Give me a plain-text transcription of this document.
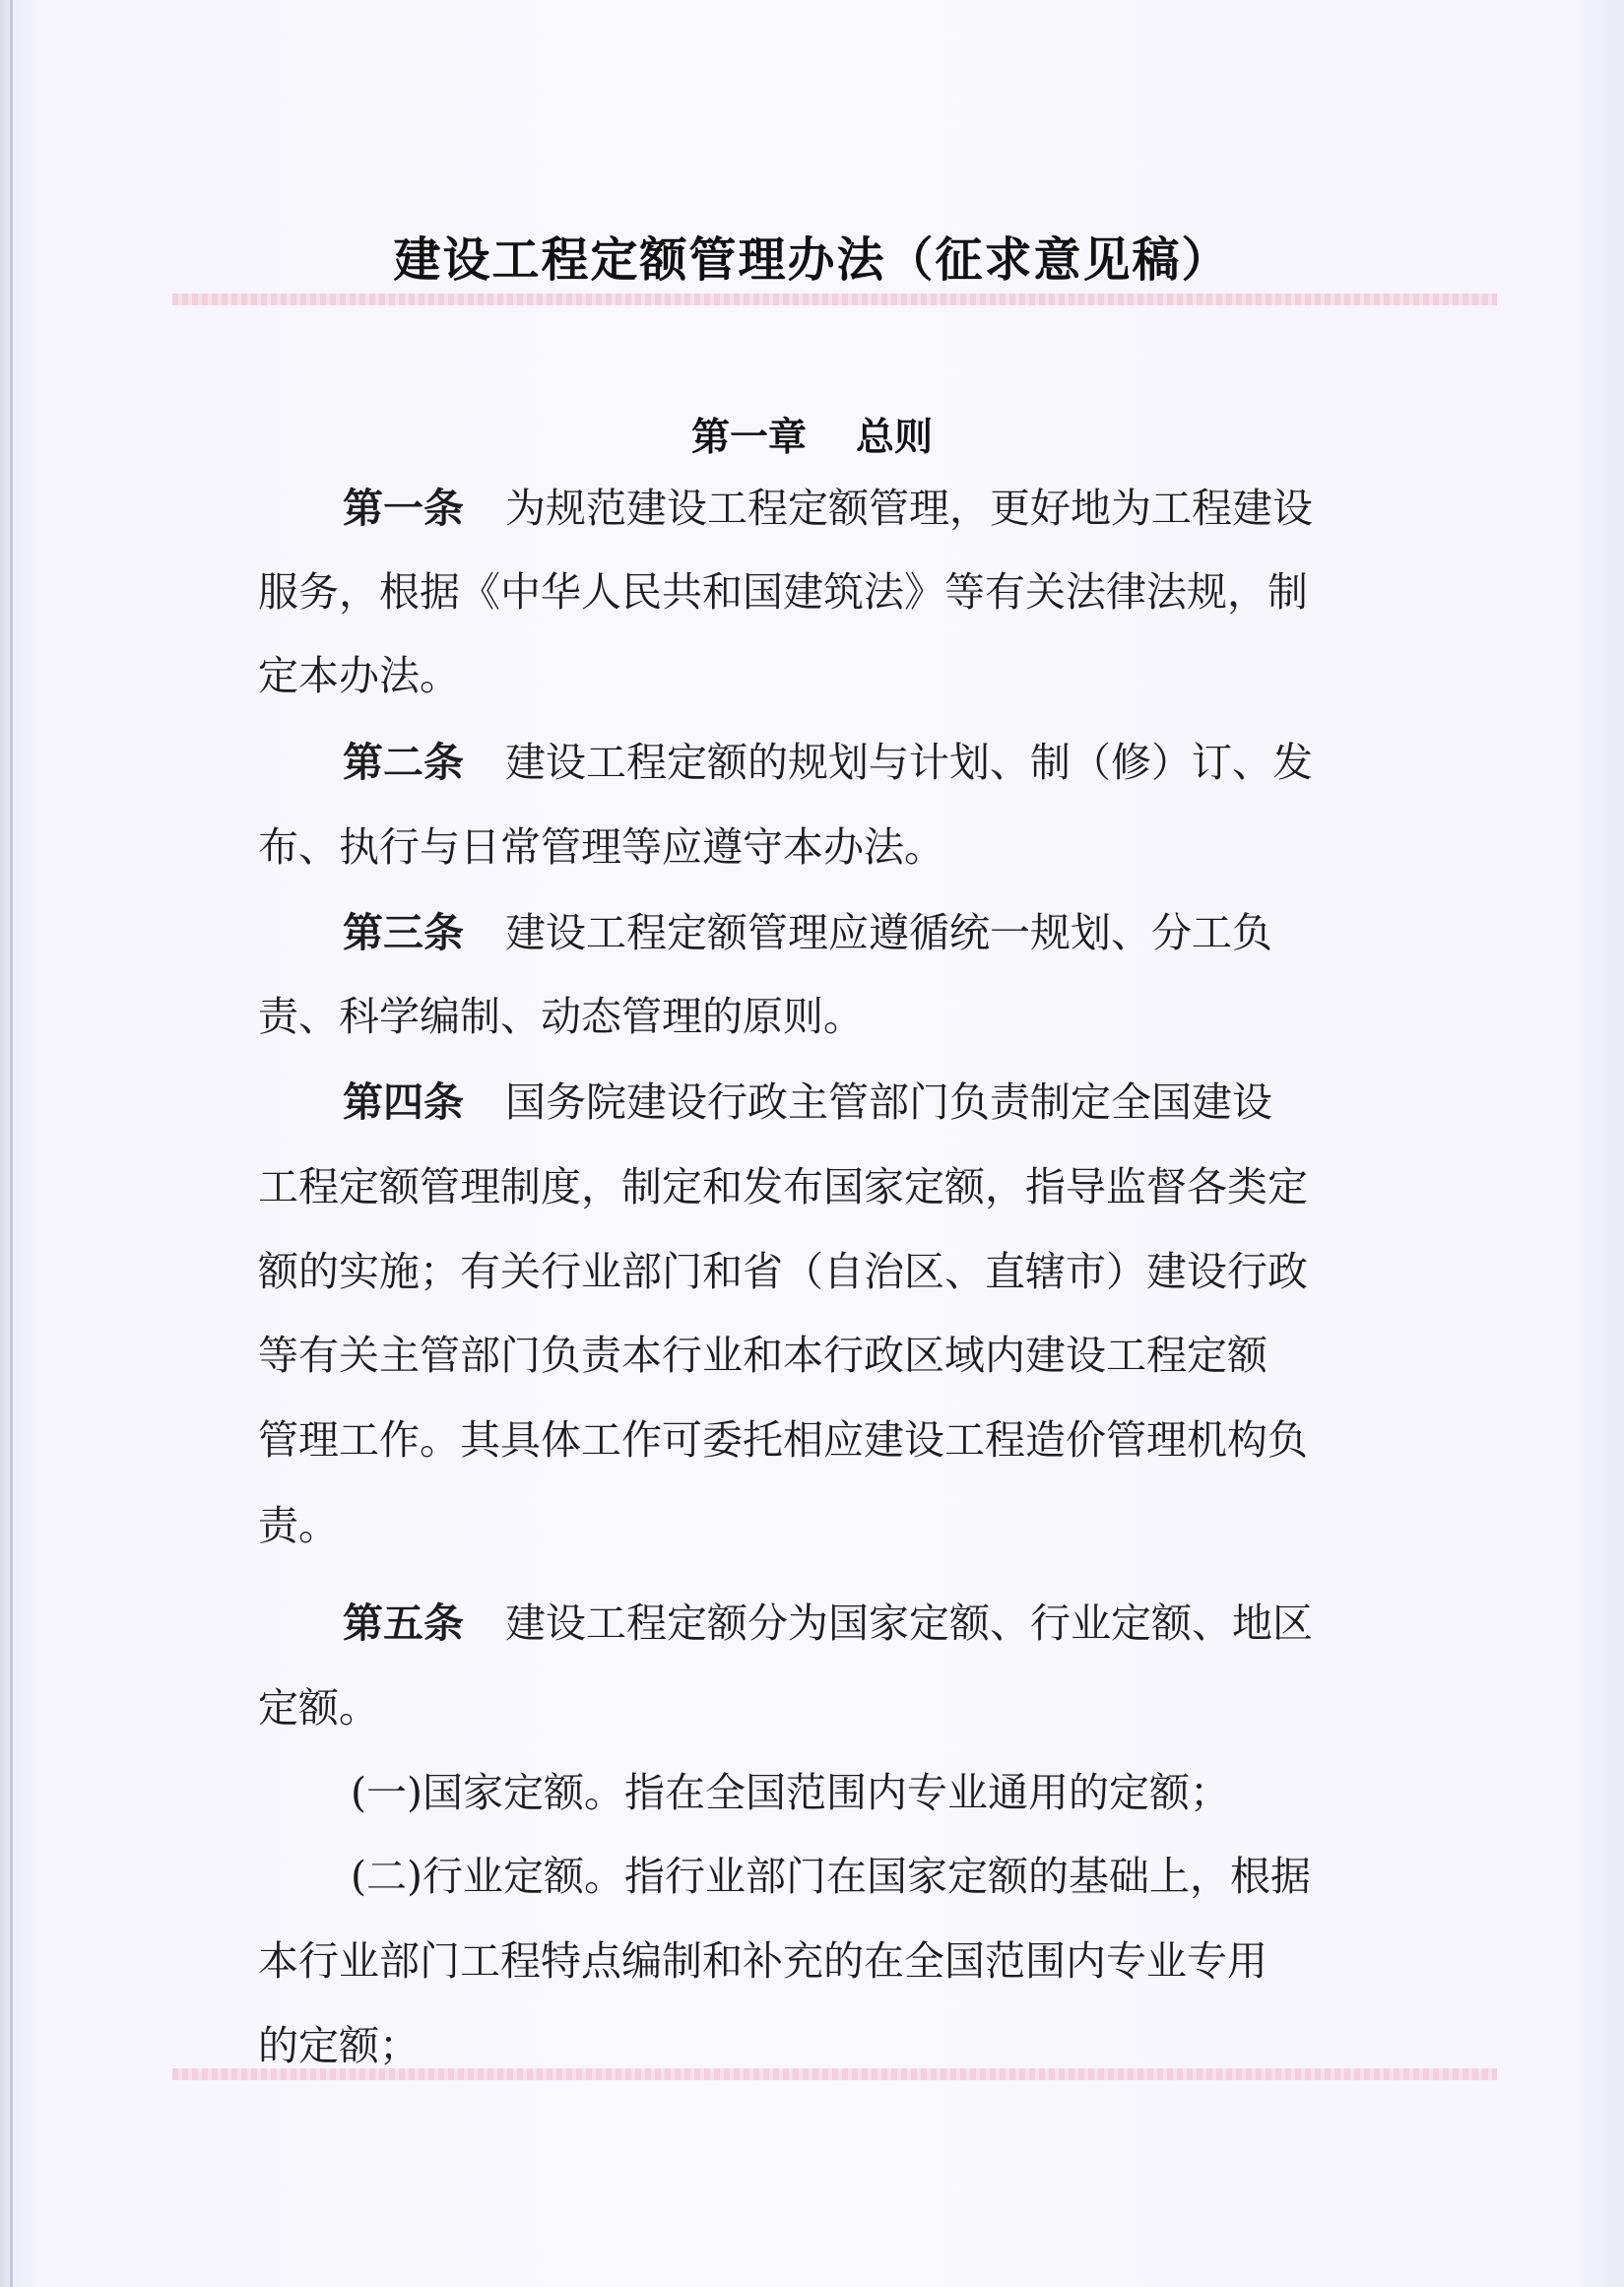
建设工程定额管理办法（征求意见稿）
第一章 总则
第一条 为规范建设工程定额管理，更好地为工程建设
服务，根据《中华人民共和国建筑法》等有关法律法规，制
定本办法。
第二条 建设工程定额的规划与计划、制（修）订、发
布、执行与日常管理等应遵守本办法。
第三条 建设工程定额管理应遵循统一规划、分工负
责、科学编制、动态管理的原则。
第四条 国务院建设行政主管部门负责制定全国建设
工程定额管理制度，制定和发布国家定额，指导监督各类定
额的实施；有关行业部门和省（自治区、直辖市）建设行政
等有关主管部门负责本行业和本行政区域内建设工程定额
管理工作。其具体工作可委托相应建设工程造价管理机构负
责。
第五条 建设工程定额分为国家定额、行业定额、地区
定额。
(一)国家定额。指在全国范围内专业通用的定额；
(二)行业定额。指行业部门在国家定额的基础上，根据
本行业部门工程特点编制和补充的在全国范围内专业专用
的定额；
